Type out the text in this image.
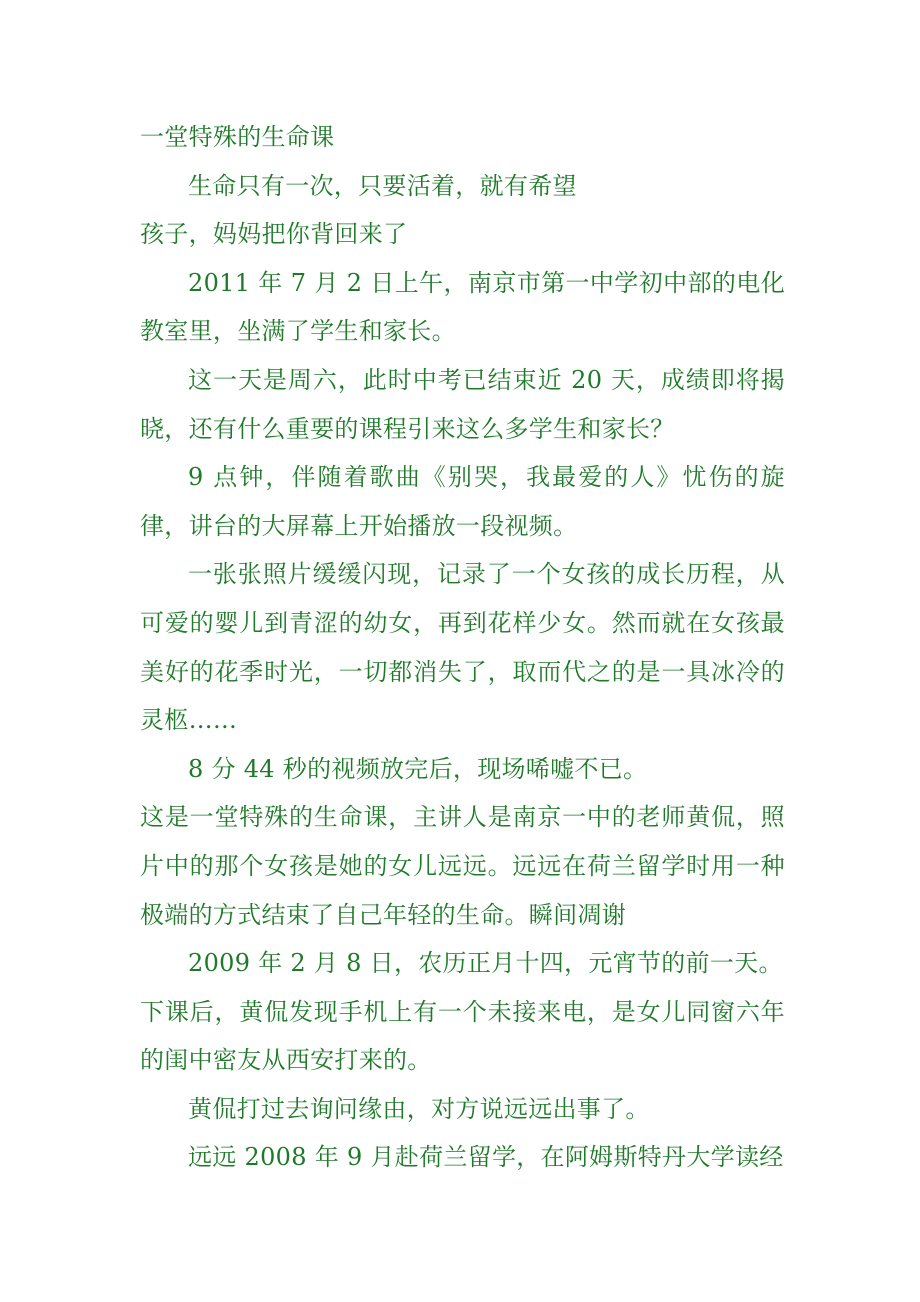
一堂特殊的生命课

生命只有一次，只要活着，就有希望

孩子，妈妈把你背回来了

2011 年 7 月 2 日上午，南京市第一中学初中部的电化教室里，坐满了学生和家长。

这一天是周六，此时中考已结束近 20 天，成绩即将揭晓，还有什么重要的课程引来这么多学生和家长？

9 点钟，伴随着歌曲《别哭，我最爱的人》忧伤的旋律，讲台的大屏幕上开始播放一段视频。

一张张照片缓缓闪现，记录了一个女孩的成长历程，从可爱的婴儿到青涩的幼女，再到花样少女。然而就在女孩最美好的花季时光，一切都消失了，取而代之的是一具冰冷的灵柩……

8 分 44 秒的视频放完后，现场唏嘘不已。

这是一堂特殊的生命课，主讲人是南京一中的老师黄侃，照片中的那个女孩是她的女儿远远。远远在荷兰留学时用一种极端的方式结束了自己年轻的生命。瞬间凋谢

2009 年 2 月 8 日，农历正月十四，元宵节的前一天。

下课后，黄侃发现手机上有一个未接来电，是女儿同窗六年的闺中密友从西安打来的。

黄侃打过去询问缘由，对方说远远出事了。

远远 2008 年 9 月赴荷兰留学，在阿姆斯特丹大学读经
